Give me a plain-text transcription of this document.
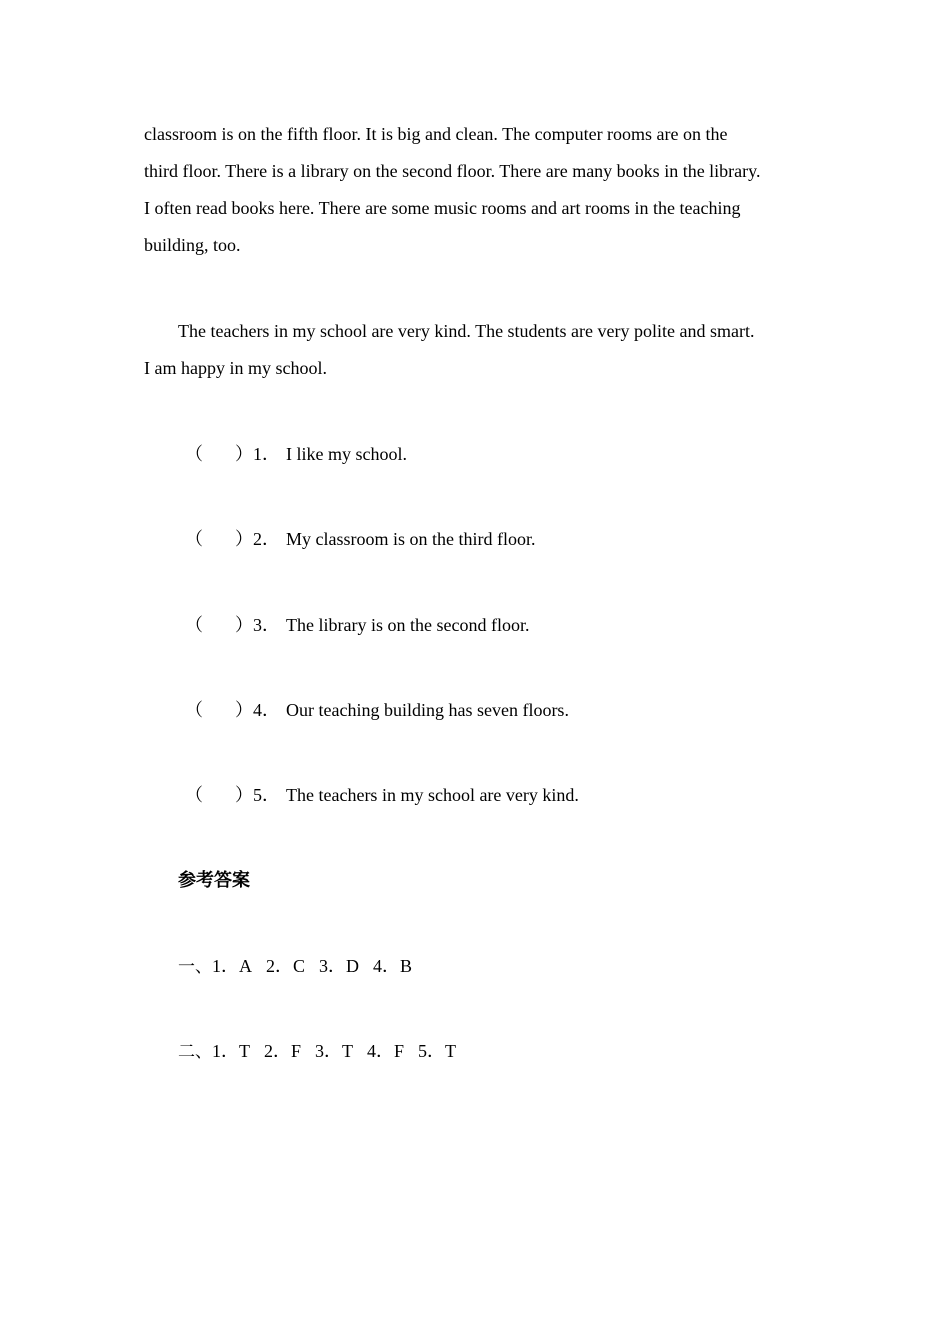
classroom is on the fifth floor. It is big and clean. The computer rooms are on the

third floor. There is a library on the second floor. There are many books in the library.

I often read books here. There are some music rooms and art rooms in the teaching

building, too.

The teachers in my school are very kind. The students are very polite and smart.

I am happy in my school.

（	） 1． I like my school.
（	） 2． My classroom is on the third floor.
（	） 3． The library is on the second floor.
（	） 4． Our teaching building has seven floors.
（	） 5． The teachers in my school are very kind.
参考答案
一、 1．A 2．C 3．D 4．B
二、 1．T 2．F 3．T 4．F 5．T
